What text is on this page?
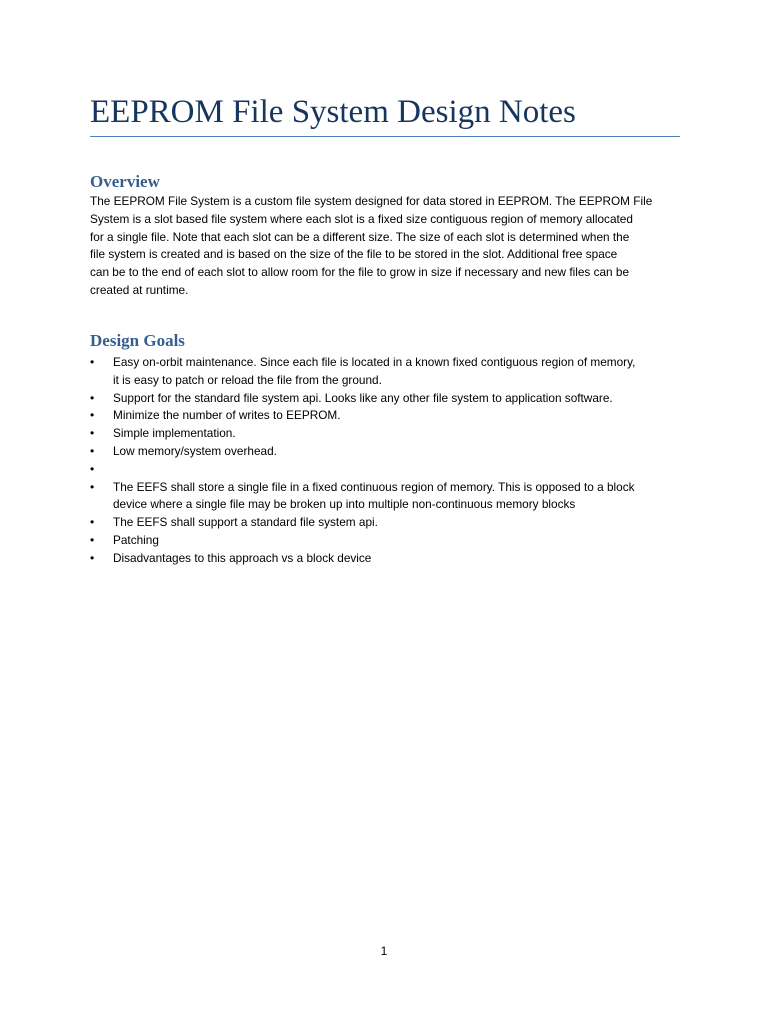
EEPROM File System Design Notes
Overview

The EEPROM File System is a custom file system designed for data stored in EEPROM. The EEPROM File
System is a slot based file system where each slot is a fixed size contiguous region of memory allocated
for a single file. Note that each slot can be a different size. The size of each slot is determined when the
file system is created and is based on the size of the file to be stored in the slot. Additional free space
can be to the end of each slot to allow room for the file to grow in size if necessary and new files can be
created at runtime.

Design Goals
•	Easy on-orbit maintenance. Since each file is located in a known fixed contiguous region of memory,
it is easy to patch or reload the file from the ground.
•	Support for the standard file system api. Looks like any other file system to application software.
•	Minimize the number of writes to EEPROM.
•	Simple implementation.
•	Low memory/system overhead.
•
•	The EEFS shall store a single file in a fixed continuous region of memory. This is opposed to a block
device where a single file may be broken up into multiple non-continuous memory blocks
•	The EEFS shall support a standard file system api.
•	Patching
•	Disadvantages to this approach vs a block device
1
